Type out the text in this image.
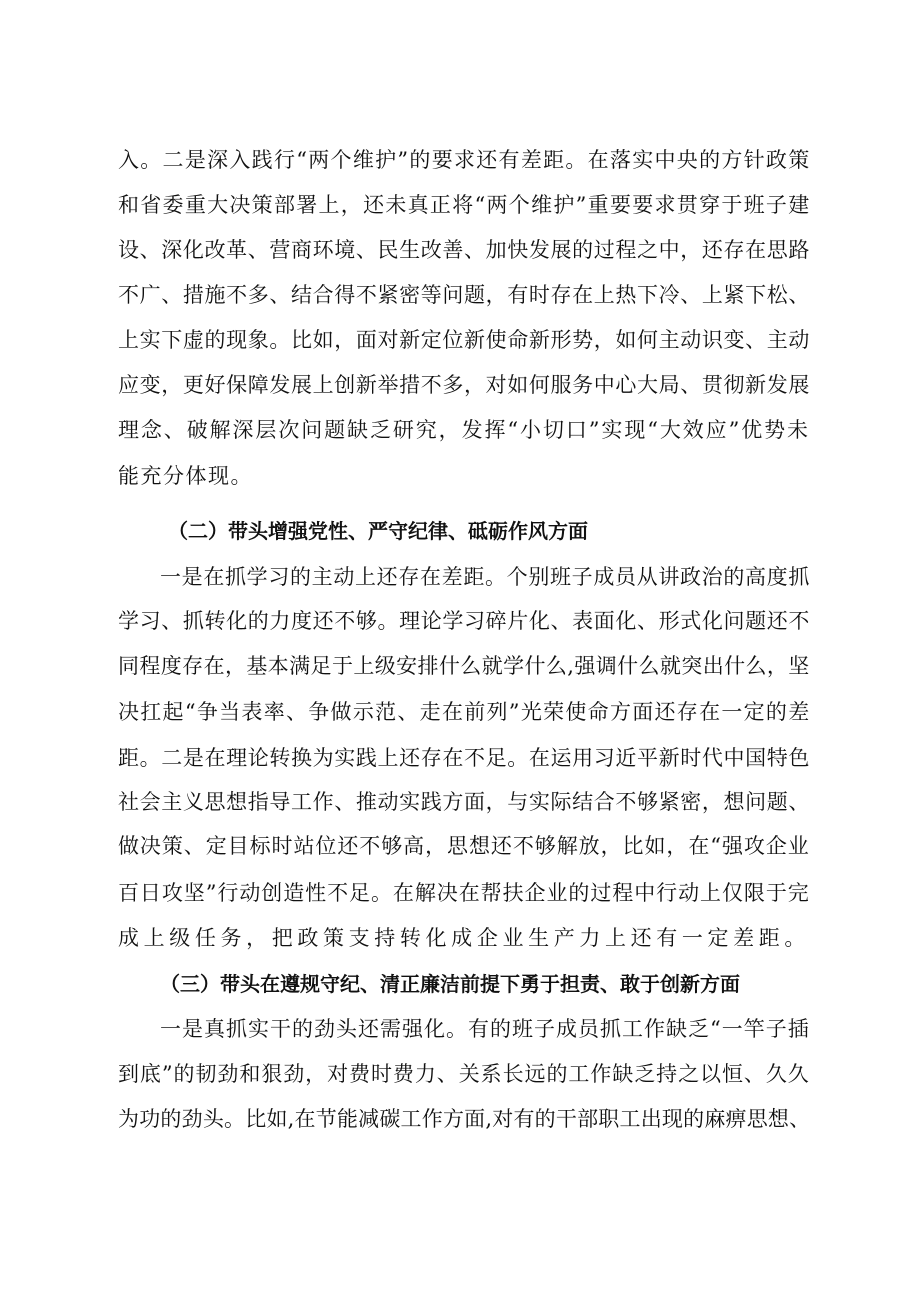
入。二是深入践行“两个维护”的要求还有差距。在落实中央的方针政策
和省委重大决策部署上，还未真正将“两个维护”重要要求贯穿于班子建
设、深化改革、营商环境、民生改善、加快发展的过程之中，还存在思路
不广、措施不多、结合得不紧密等问题，有时存在上热下冷、上紧下松、
上实下虚的现象。比如，面对新定位新使命新形势，如何主动识变、主动
应变，更好保障发展上创新举措不多，对如何服务中心大局、贯彻新发展
理念、破解深层次问题缺乏研究，发挥“小切口”实现“大效应”优势未
能充分体现。
（二）带头增强党性、严守纪律、砥砺作风方面
一是在抓学习的主动上还存在差距。个别班子成员从讲政治的高度抓
学习、抓转化的力度还不够。理论学习碎片化、表面化、形式化问题还不
同程度存在，基本满足于上级安排什么就学什么,强调什么就突出什么，坚
决扛起“争当表率、争做示范、走在前列”光荣使命方面还存在一定的差
距。二是在理论转换为实践上还存在不足。在运用习近平新时代中国特色
社会主义思想指导工作、推动实践方面，与实际结合不够紧密，想问题、
做决策、定目标时站位还不够高，思想还不够解放，比如，在“强攻企业
百日攻坚”行动创造性不足。在解决在帮扶企业的过程中行动上仅限于完
成上级任务，把政策支持转化成企业生产力上还有一定差距。
（三）带头在遵规守纪、清正廉洁前提下勇于担责、敢于创新方面
一是真抓实干的劲头还需强化。有的班子成员抓工作缺乏“一竿子插
到底”的韧劲和狠劲，对费时费力、关系长远的工作缺乏持之以恒、久久
为功的劲头。比如,在节能减碳工作方面,对有的干部职工出现的麻痹思想、
